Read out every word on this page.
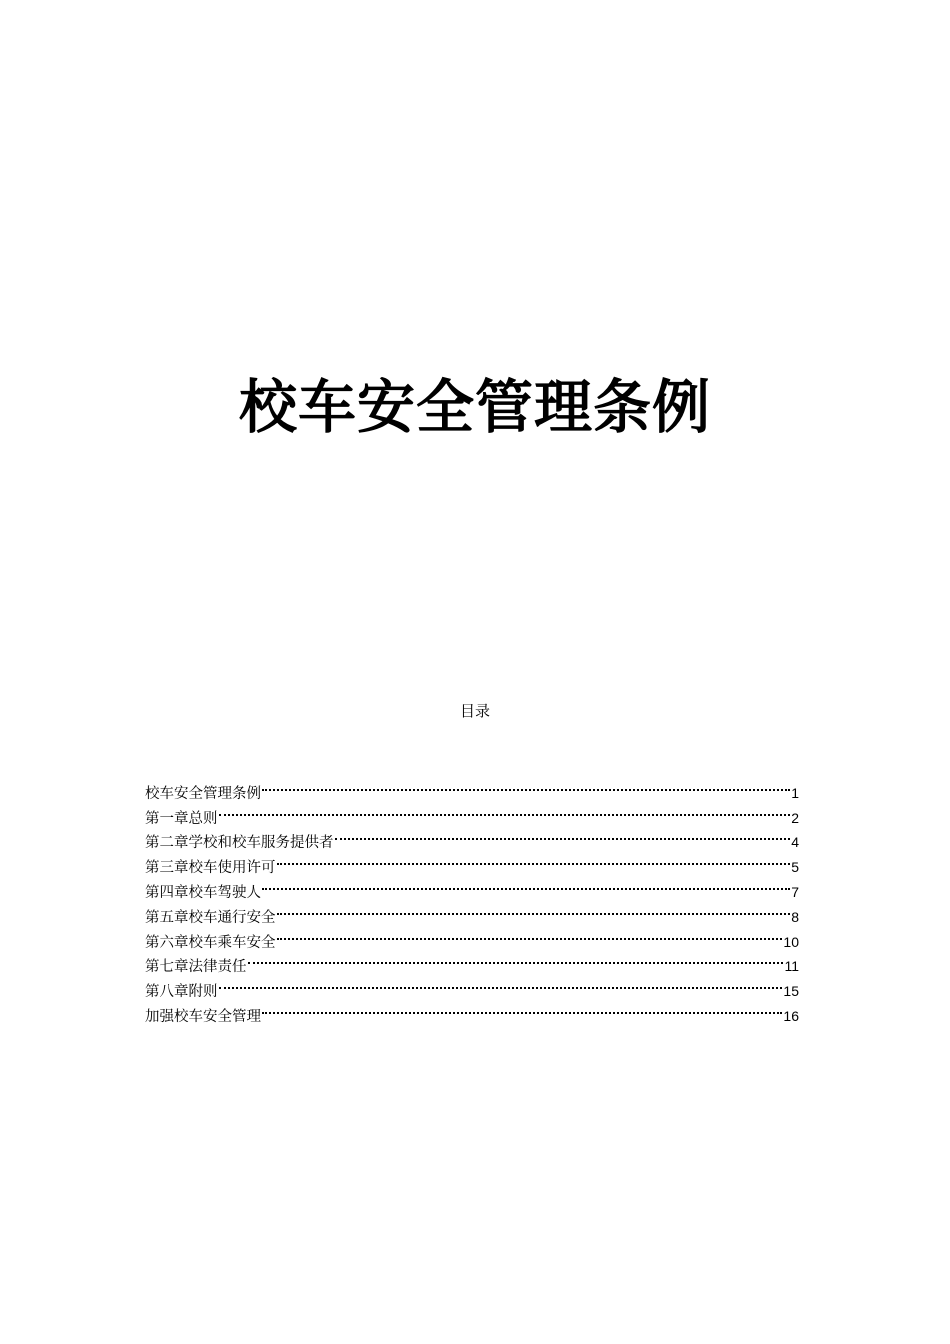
校车安全管理条例
目录
校车安全管理条例	1
第一章总则	2
第二章学校和校车服务提供者	4
第三章校车使用许可	5
第四章校车驾驶人	7
第五章校车通行安全	8
第六章校车乘车安全	10
第七章法律责任	11
第八章附则	15
加强校车安全管理	16
